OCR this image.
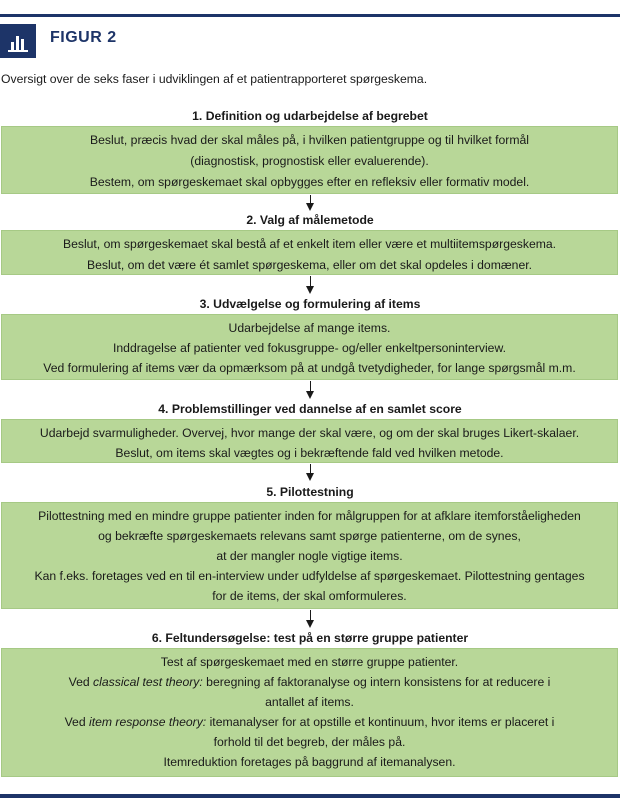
FIGUR 2
Oversigt over de seks faser i udviklingen af et patientrapporteret spørgeskema.
1. Definition og udarbejdelse af begrebet
Beslut, præcis hvad der skal måles på, i hvilken patientgruppe og til hvilket formål
(diagnostisk, prognostisk eller evaluerende).
Bestem, om spørgeskemaet skal opbygges efter en refleksiv eller formativ model.
2. Valg af målemetode
Beslut, om spørgeskemaet skal bestå af et enkelt item eller være et multiitemspørgeskema.
Beslut, om det være ét samlet spørgeskema, eller om det skal opdeles i domæner.
3. Udvælgelse og formulering af items
Udarbejdelse af mange items.
Inddragelse af patienter ved fokusgruppe- og/eller enkeltpersoninterview.
Ved formulering af items vær da opmærksom på at undgå tvetydigheder, for lange spørgsmål m.m.
4. Problemstillinger ved dannelse af en samlet score
Udarbejd svarmuligheder. Overvej, hvor mange der skal være, og om der skal bruges Likert-skalaer.
Beslut, om items skal vægtes og i bekræftende fald ved hvilken metode.
5. Pilottestning
Pilottestning med en mindre gruppe patienter inden for målgruppen for at afklare itemforståeligheden
og bekræfte spørgeskemaets relevans samt spørge patienterne, om de synes,
at der mangler nogle vigtige items.
Kan f.eks. foretages ved en til en-interview under udfyldelse af spørgeskemaet. Pilottestning gentages
for de items, der skal omformuleres.
6. Feltundersøgelse: test på en større gruppe patienter
Test af spørgeskemaet med en større gruppe patienter.
Ved classical test theory: beregning af faktoranalyse og intern konsistens for at reducere i
antallet af items.
Ved item response theory: itemanalyser for at opstille et kontinuum, hvor items er placeret i
forhold til det begreb, der måles på.
Itemreduktion foretages på baggrund af itemanalysen.
